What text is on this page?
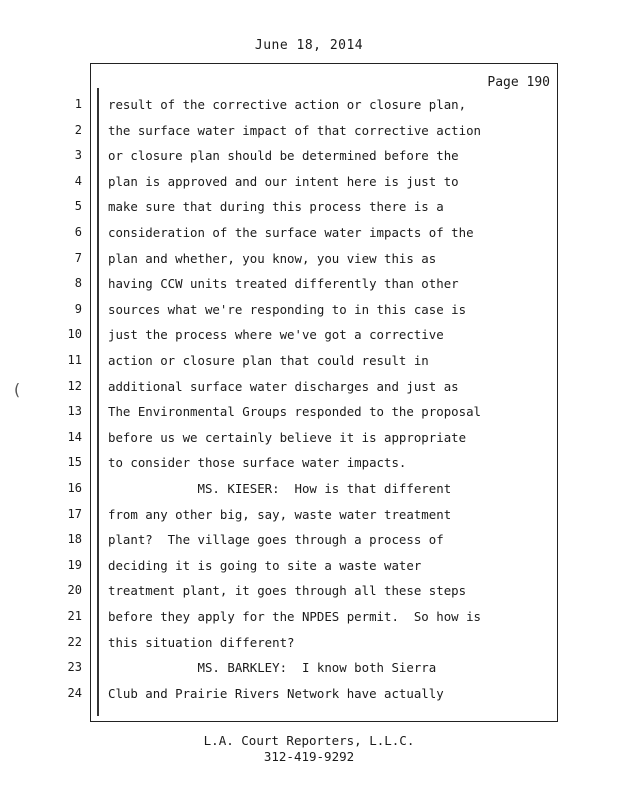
June 18, 2014
Page 190
1 result of the corrective action or closure plan,
2 the surface water impact of that corrective action
3 or closure plan should be determined before the
4 plan is approved and our intent here is just to
5 make sure that during this process there is a
6 consideration of the surface water impacts of the
7 plan and whether, you know, you view this as
8 having CCW units treated differently than other
9 sources what we're responding to in this case is
10 just the process where we've got a corrective
11 action or closure plan that could result in
12 additional surface water discharges and just as
13 The Environmental Groups responded to the proposal
14 before us we certainly believe it is appropriate
15 to consider those surface water impacts.
16 MS. KIESER:  How is that different
17 from any other big, say, waste water treatment
18 plant?  The village goes through a process of
19 deciding it is going to site a waste water
20 treatment plant, it goes through all these steps
21 before they apply for the NPDES permit.  So how is
22 this situation different?
23 MS. BARKLEY:  I know both Sierra
24 Club and Prairie Rivers Network have actually
L.A. Court Reporters, L.L.C.
312-419-9292
(
